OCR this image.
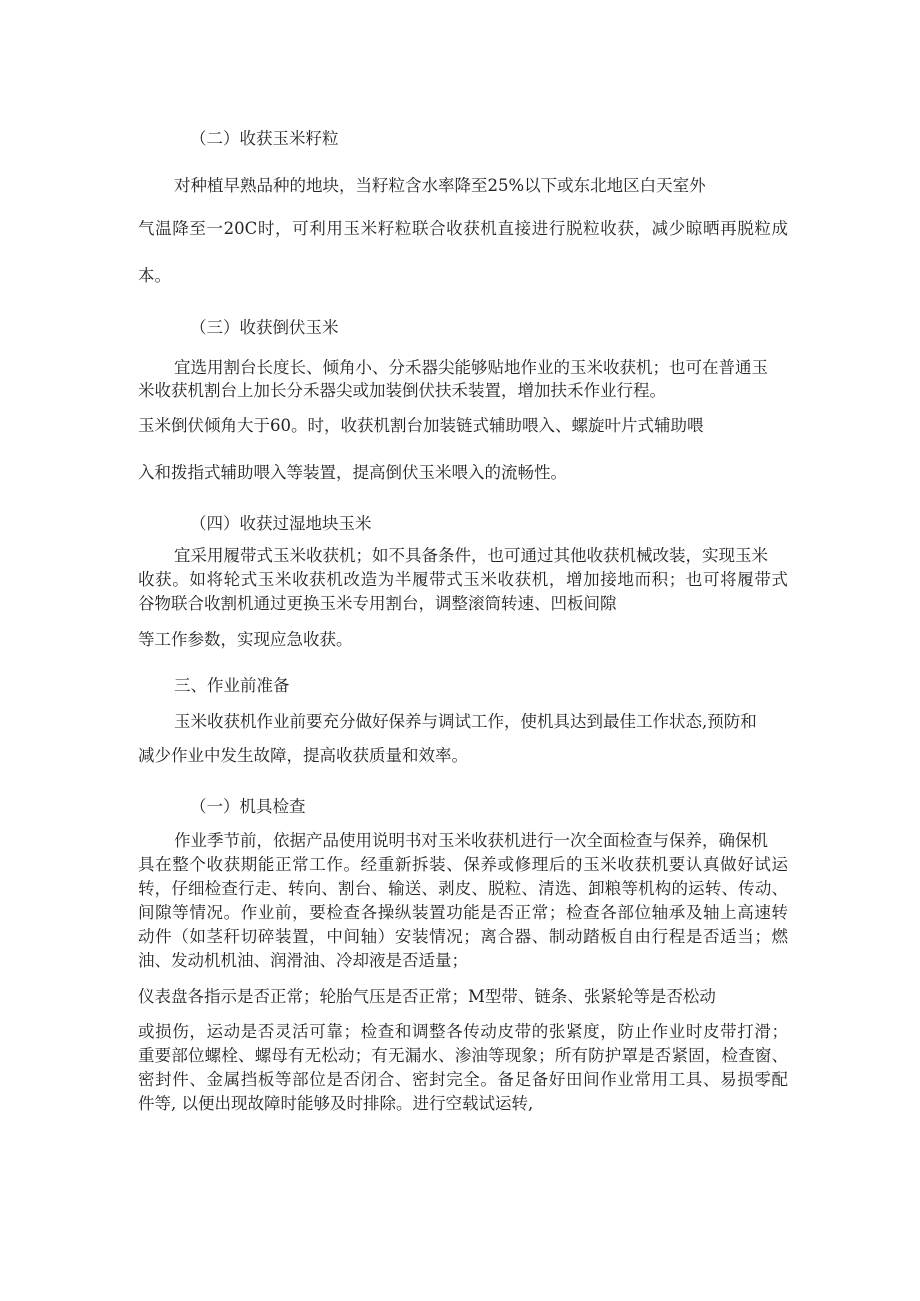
（二）收获玉米籽粒
对种植早熟品种的地块，当籽粒含水率降至25%以下或东北地区白天室外
气温降至一20C时，可利用玉米籽粒联合收获机直接进行脱粒收获，减少晾晒再脱粒成
本。
（三）收获倒伏玉米
宜选用割台长度长、倾角小、分禾器尖能够贴地作业的玉米收获机；也可在普通玉
米收获机割台上加长分禾器尖或加装倒伏扶禾装置，增加扶禾作业行程。
玉米倒伏倾角大于60。时，收获机割台加装链式辅助喂入、螺旋叶片式辅助喂
入和拨指式辅助喂入等装置，提高倒伏玉米喂入的流畅性。
（四）收获过湿地块玉米
宜采用履带式玉米收获机；如不具备条件，也可通过其他收获机械改装，实现玉米
收获。如将轮式玉米收获机改造为半履带式玉米收获机，增加接地而积；也可将履带式
谷物联合收割机通过更换玉米专用割台，调整滚筒转速、凹板间隙
等工作参数，实现应急收获。
三、作业前准备
玉米收获机作业前要充分做好保养与调试工作，使机具达到最佳工作状态,预防和
减少作业中发生故障，提高收获质量和效率。
（一）机具检查
作业季节前，依据产品使用说明书对玉米收获机进行一次全面检查与保养，确保机
具在整个收获期能正常工作。经重新拆装、保养或修理后的玉米收获机要认真做好试运
转，仔细检查行走、转向、割台、输送、剥皮、脱粒、清选、卸粮等机构的运转、传动、
间隙等情况。作业前，要检查各操纵装置功能是否正常；检查各部位轴承及轴上高速转
动件（如茎秆切碎装置，中间轴）安装情况；离合器、制动踏板自由行程是否适当；燃
油、发动机机油、润滑油、冷却液是否适量；
仪表盘各指示是否正常；轮胎气压是否正常；M型带、链条、张紧轮等是否松动
或损伤，运动是否灵活可靠；检查和调整各传动皮带的张紧度，防止作业时皮带打滑；
重要部位螺栓、螺母有无松动；有无漏水、渗油等现象；所有防护罩是否紧固，检查窗、
密封件、金属挡板等部位是否闭合、密封完全。备足备好田间作业常用工具、易损零配
件等, 以便出现故障时能够及时排除。进行空载试运转,
